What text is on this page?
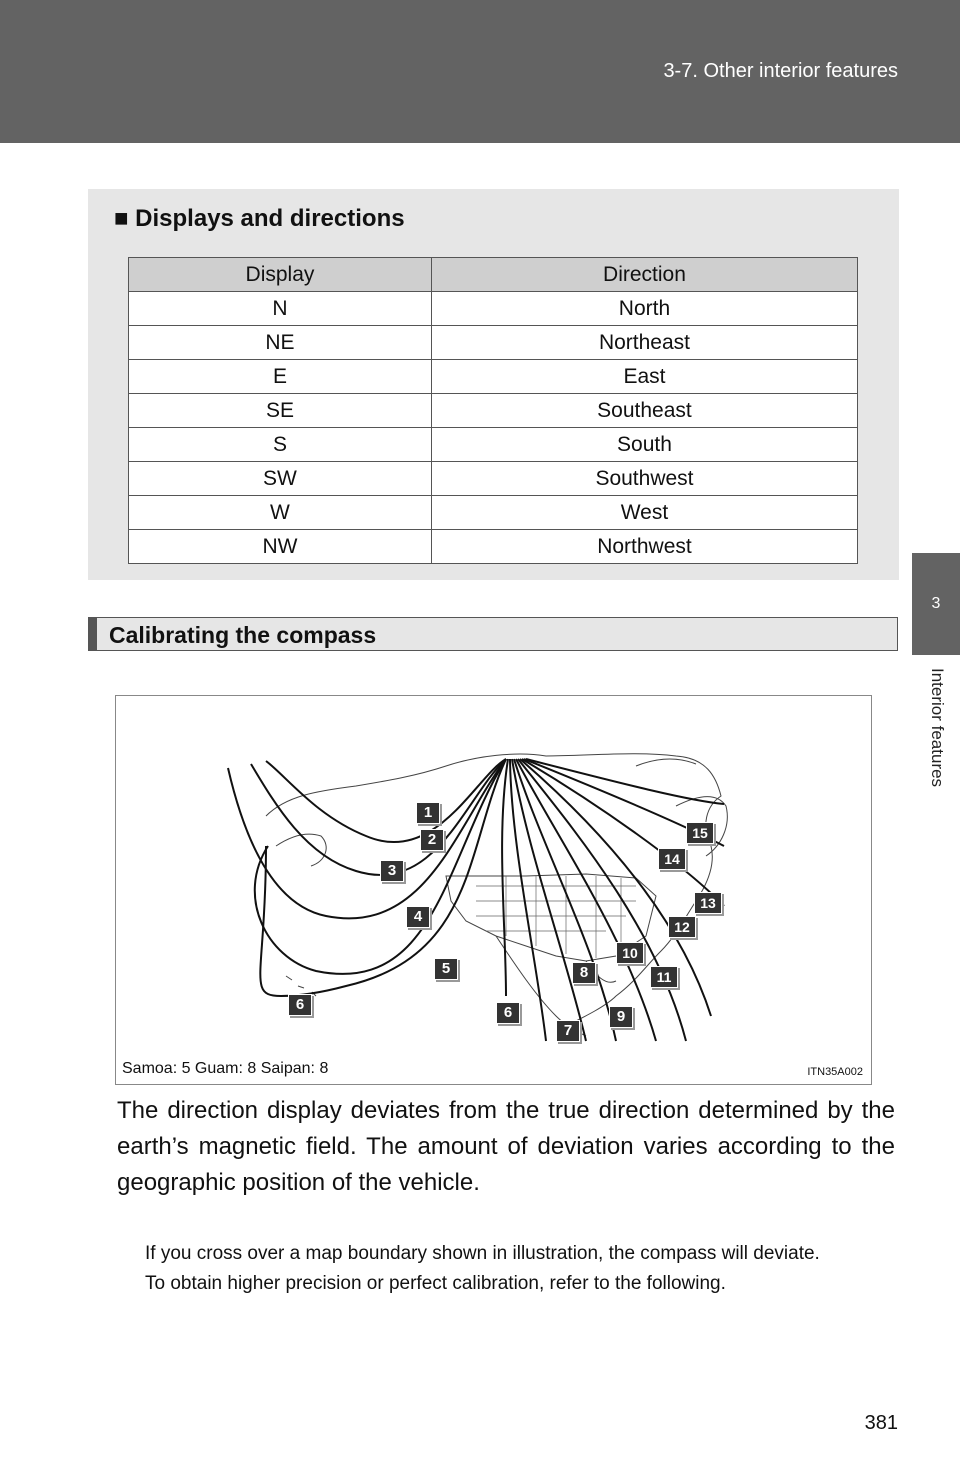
3-7. Other interior features
3
Interior features
■ Displays and directions
Display	Direction
N	North
NE	Northeast
E	East
SE	Southeast
S	South
SW	Southwest
W	West
NW	Northwest
Calibrating the compass
1
2
3
4
5
6	6
7
8
9
10
11
12
13
14
15
Samoa: 5 Guam: 8 Saipan: 8	ITN35A002
The direction display deviates from the true direction determined by the earth’s magnetic field. The amount of deviation varies according to the geographic position of the vehicle.
If you cross over a map boundary shown in illustration, the compass will deviate.
To obtain higher precision or perfect calibration, refer to the following.
381
